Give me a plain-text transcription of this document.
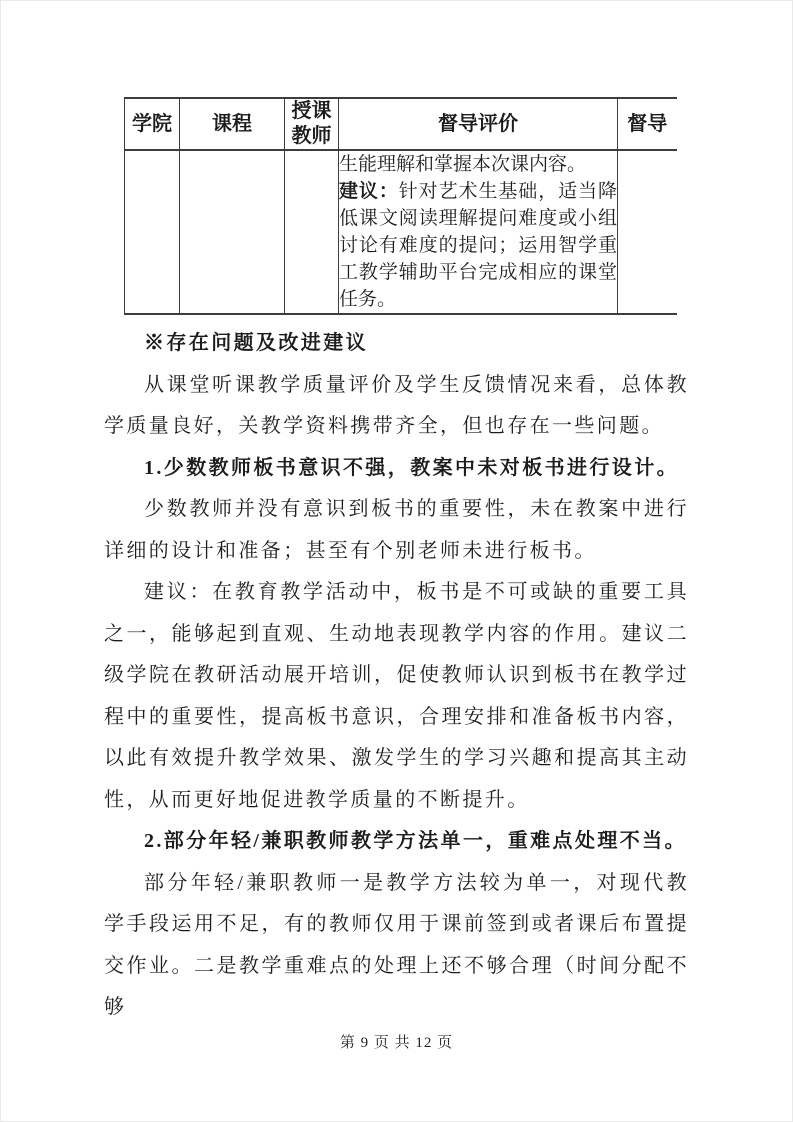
学院	课程	授课教师	督导评价	督导

			生能理解和掌握本次课内容。

建议：针对艺术生基础，适当降低课文阅读理解提问难度或小组讨论有难度的提问；运用智学重工教学辅助平台完成相应的课堂任务。	

※存在问题及改进建议

从课堂听课教学质量评价及学生反馈情况来看，总体教学质量良好，关教学资料携带齐全，但也存在一些问题。

1.少数教师板书意识不强，教案中未对板书进行设计。

少数教师并没有意识到板书的重要性，未在教案中进行详细的设计和准备；甚至有个别老师未进行板书。

建议：在教育教学活动中，板书是不可或缺的重要工具之一，能够起到直观、生动地表现教学内容的作用。建议二级学院在教研活动展开培训，促使教师认识到板书在教学过程中的重要性，提高板书意识，合理安排和准备板书内容，以此有效提升教学效果、激发学生的学习兴趣和提高其主动性，从而更好地促进教学质量的不断提升。

2.部分年轻/兼职教师教学方法单一，重难点处理不当。

部分年轻/兼职教师一是教学方法较为单一，对现代教学手段运用不足，有的教师仅用于课前签到或者课后布置提交作业。二是教学重难点的处理上还不够合理（时间分配不够

第 9 页 共 12 页
